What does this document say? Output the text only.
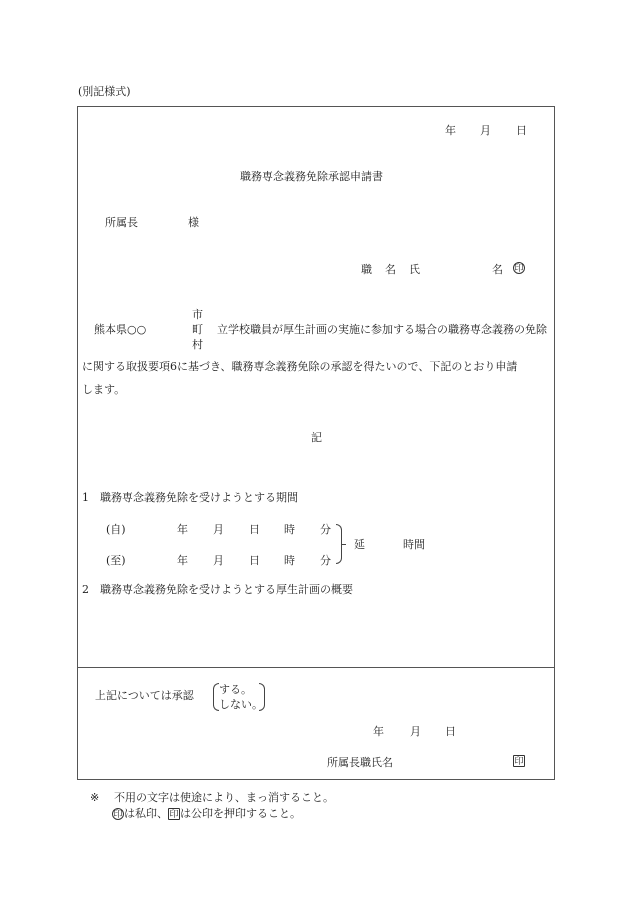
(別記様式)
年 月 日
職務専念義務免除承認申請書
所属長	様
職 名 氏	名 印
市
熊本県○○	町 立学校職員が厚生計画の実施に参加する場合の職務専念義務の免除
村
に関する取扱要項6に基づき、職務専念義務免除の承認を得たいので、下記のとおり申請
します。
記
1 職務専念義務免除を受けようとする期間
(自)	年 月 日 時 分
(至)	年 月 日 時 分
延	時間
2 職務専念義務免除を受けようとする厚生計画の概要
上記については承認 する。
しない。
年 月 日
所属長職氏名	印
※ 不用の文字は使途により、まっ消すること。
印 は私印、印 は公印を押印すること。
